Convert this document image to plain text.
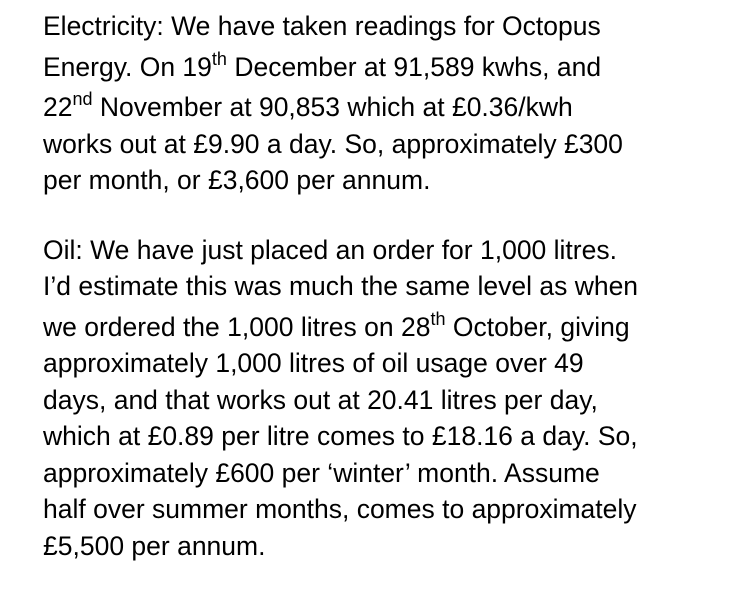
Electricity: We have taken readings for Octopus
Energy. On 19th December at 91,589 kwhs, and
22nd November at 90,853 which at £0.36/kwh
works out at £9.90 a day. So, approximately £300
per month, or £3,600 per annum.
Oil: We have just placed an order for 1,000 litres.
I’d estimate this was much the same level as when
we ordered the 1,000 litres on 28th October, giving
approximately 1,000 litres of oil usage over 49
days, and that works out at 20.41 litres per day,
which at £0.89 per litre comes to £18.16 a day. So,
approximately £600 per ‘winter’ month. Assume
half over summer months, comes to approximately
£5,500 per annum.
